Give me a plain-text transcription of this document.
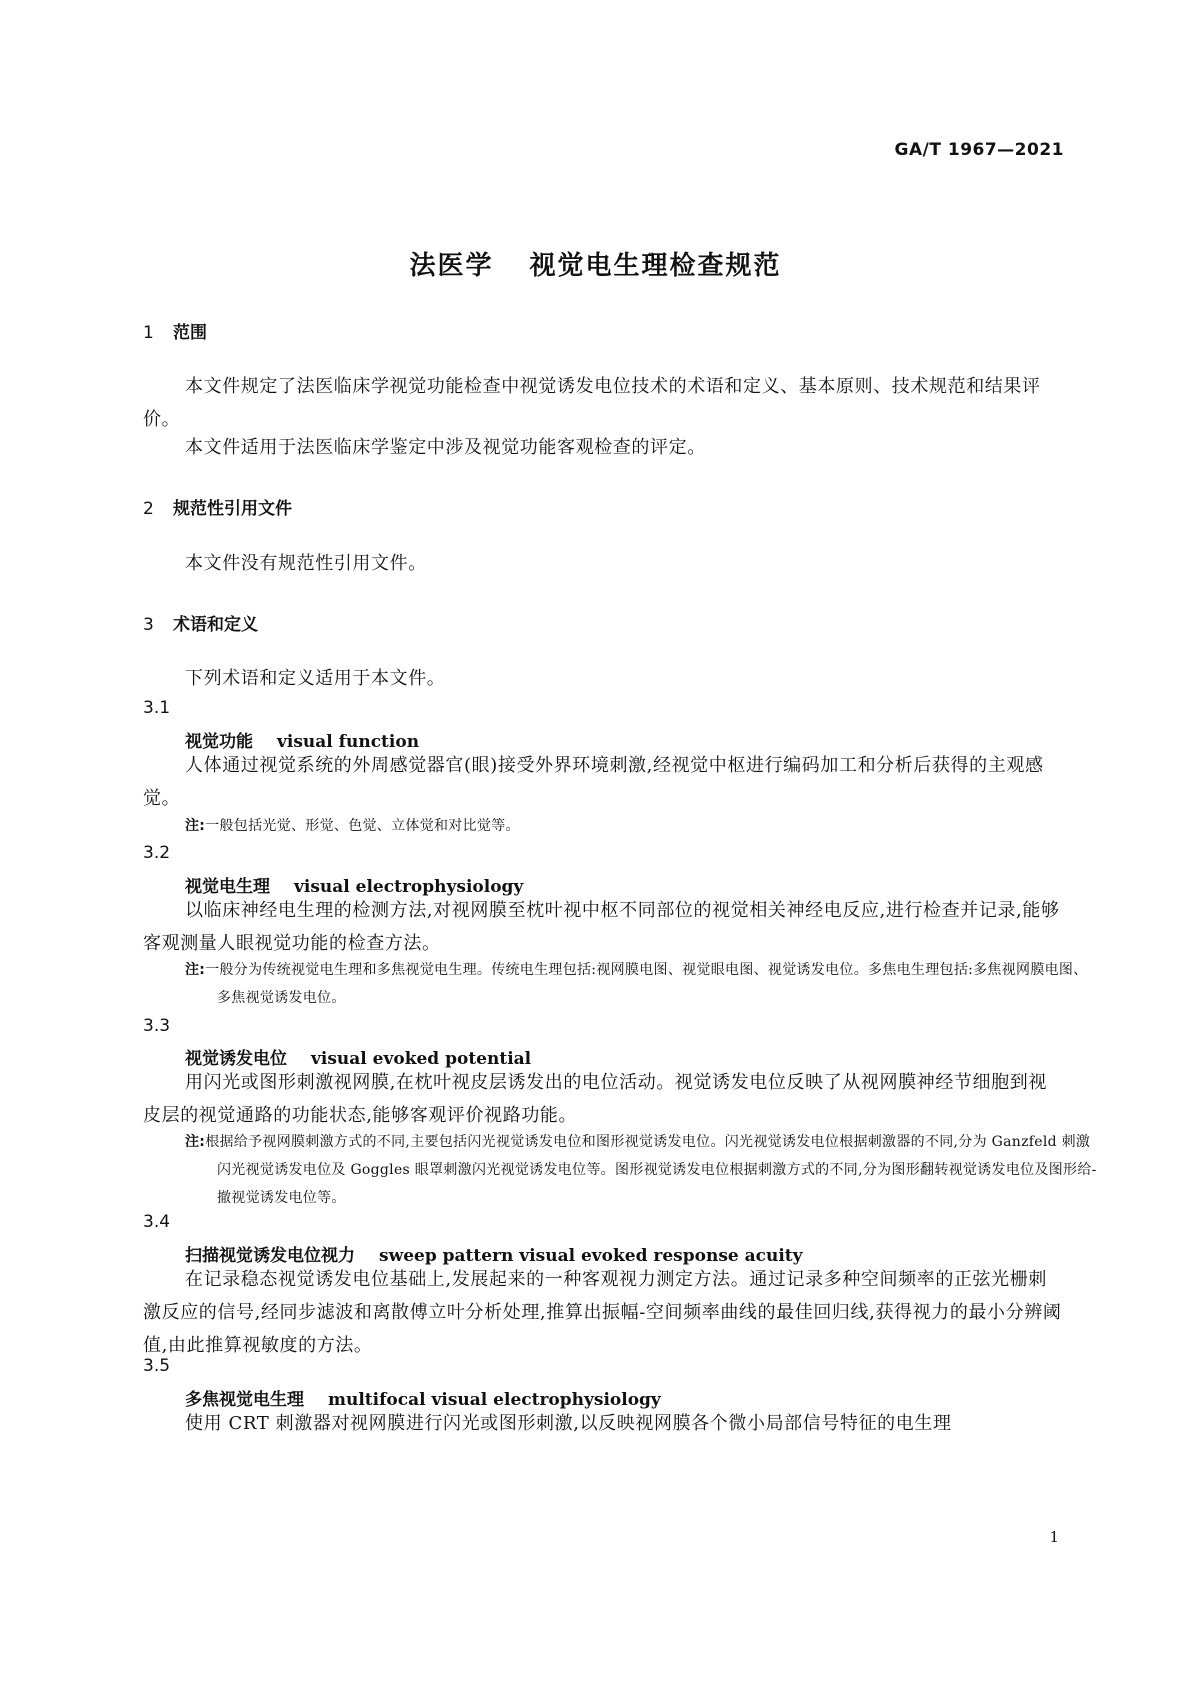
GA/T 1967—2021
法医学 视觉电生理检查规范
1 范围
本文件规定了法医临床学视觉功能检查中视觉诱发电位技术的术语和定义、基本原则、技术规范和结果评价。
本文件适用于法医临床学鉴定中涉及视觉功能客观检查的评定。
2 规范性引用文件
本文件没有规范性引用文件。
3 术语和定义
下列术语和定义适用于本文件。
3.1
视觉功能 visual function
人体通过视觉系统的外周感觉器官(眼)接受外界环境刺激,经视觉中枢进行编码加工和分析后获得的主观感觉。
注:一般包括光觉、形觉、色觉、立体觉和对比觉等。
3.2
视觉电生理 visual electrophysiology
以临床神经电生理的检测方法,对视网膜至枕叶视中枢不同部位的视觉相关神经电反应,进行检查并记录,能够客观测量人眼视觉功能的检查方法。
注:一般分为传统视觉电生理和多焦视觉电生理。传统电生理包括:视网膜电图、视觉眼电图、视觉诱发电位。多焦电生理包括:多焦视网膜电图、多焦视觉诱发电位。
3.3
视觉诱发电位 visual evoked potential
用闪光或图形刺激视网膜,在枕叶视皮层诱发出的电位活动。视觉诱发电位反映了从视网膜神经节细胞到视皮层的视觉通路的功能状态,能够客观评价视路功能。
注:根据给予视网膜刺激方式的不同,主要包括闪光视觉诱发电位和图形视觉诱发电位。闪光视觉诱发电位根据刺激器的不同,分为 Ganzfeld 刺激闪光视觉诱发电位及 Goggles 眼罩刺激闪光视觉诱发电位等。图形视觉诱发电位根据刺激方式的不同,分为图形翻转视觉诱发电位及图形给-撤视觉诱发电位等。
3.4
扫描视觉诱发电位视力 sweep pattern visual evoked response acuity
在记录稳态视觉诱发电位基础上,发展起来的一种客观视力测定方法。通过记录多种空间频率的正弦光栅刺激反应的信号,经同步滤波和离散傅立叶分析处理,推算出振幅-空间频率曲线的最佳回归线,获得视力的最小分辨阈值,由此推算视敏度的方法。
3.5
多焦视觉电生理 multifocal visual electrophysiology
使用 CRT 刺激器对视网膜进行闪光或图形刺激,以反映视网膜各个微小局部信号特征的电生理
1
